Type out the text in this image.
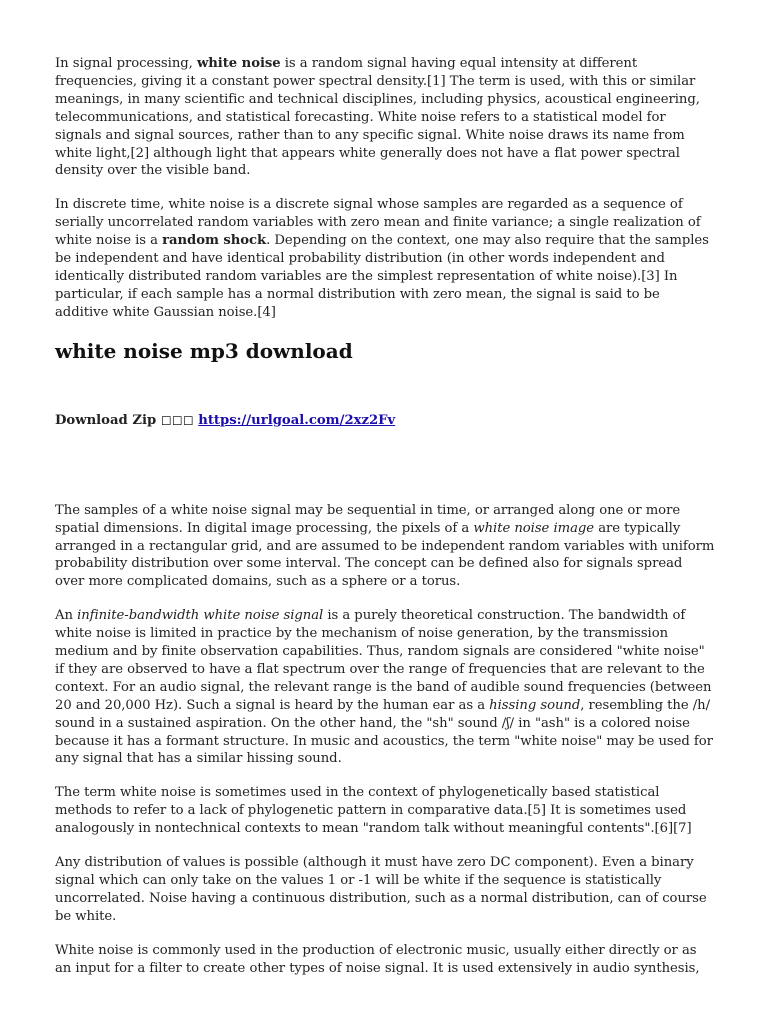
In signal processing, white noise is a random signal having equal intensity at different frequencies, giving it a constant power spectral density.[1] The term is used, with this or similar meanings, in many scientific and technical disciplines, including physics, acoustical engineering, telecommunications, and statistical forecasting. White noise refers to a statistical model for signals and signal sources, rather than to any specific signal. White noise draws its name from white light,[2] although light that appears white generally does not have a flat power spectral density over the visible band.

In discrete time, white noise is a discrete signal whose samples are regarded as a sequence of serially uncorrelated random variables with zero mean and finite variance; a single realization of white noise is a random shock. Depending on the context, one may also require that the samples be independent and have identical probability distribution (in other words independent and identically distributed random variables are the simplest representation of white noise).[3] In particular, if each sample has a normal distribution with zero mean, the signal is said to be additive white Gaussian noise.[4]

white noise mp3 download
Download Zip ◻◻◻ https://urlgoal.com/2xz2Fv

The samples of a white noise signal may be sequential in time, or arranged along one or more spatial dimensions. In digital image processing, the pixels of a white noise image are typically arranged in a rectangular grid, and are assumed to be independent random variables with uniform probability distribution over some interval. The concept can be defined also for signals spread over more complicated domains, such as a sphere or a torus.

An infinite-bandwidth white noise signal is a purely theoretical construction. The bandwidth of white noise is limited in practice by the mechanism of noise generation, by the transmission medium and by finite observation capabilities. Thus, random signals are considered "white noise" if they are observed to have a flat spectrum over the range of frequencies that are relevant to the context. For an audio signal, the relevant range is the band of audible sound frequencies (between 20 and 20,000 Hz). Such a signal is heard by the human ear as a hissing sound, resembling the /h/ sound in a sustained aspiration. On the other hand, the "sh" sound /ʃ/ in "ash" is a colored noise because it has a formant structure. In music and acoustics, the term "white noise" may be used for any signal that has a similar hissing sound.

The term white noise is sometimes used in the context of phylogenetically based statistical methods to refer to a lack of phylogenetic pattern in comparative data.[5] It is sometimes used analogously in nontechnical contexts to mean "random talk without meaningful contents".[6][7]

Any distribution of values is possible (although it must have zero DC component). Even a binary signal which can only take on the values 1 or -1 will be white if the sequence is statistically uncorrelated. Noise having a continuous distribution, such as a normal distribution, can of course be white.

White noise is commonly used in the production of electronic music, usually either directly or as an input for a filter to create other types of noise signal. It is used extensively in audio synthesis,
